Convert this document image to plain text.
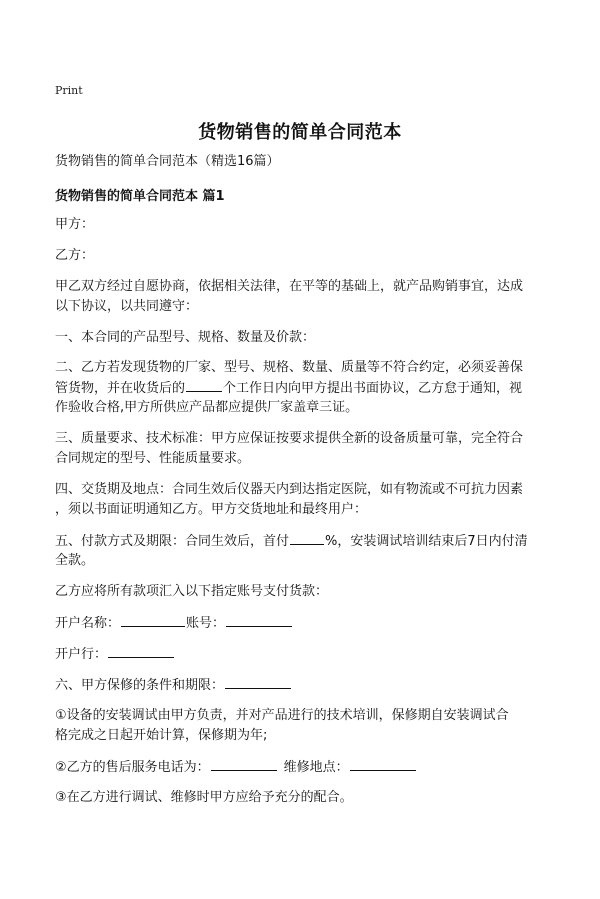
Print
货物销售的简单合同范本
货物销售的简单合同范本（精选16篇）
货物销售的简单合同范本 篇1
甲方：
乙方：
甲乙双方经过自愿协商，依据相关法律，在平等的基础上，就产品购销事宜，达成
以下协议，以共同遵守：
一、本合同的产品型号、规格、数量及价款：
二、乙方若发现货物的厂家、型号、规格、数量、质量等不符合约定，必须妥善保
管货物，并在收货后的	个工作日内向甲方提出书面协议，乙方怠于通知，视
作验收合格,甲方所供应产品都应提供厂家盖章三证。
三、质量要求、技术标准：甲方应保证按要求提供全新的设备质量可靠，完全符合
合同规定的型号、性能质量要求。
四、交货期及地点：合同生效后仪器天内到达指定医院，如有物流或不可抗力因素
，须以书面证明通知乙方。甲方交货地址和最终用户：
五、付款方式及期限：合同生效后，首付	%，安装调试培训结束后7日内付清
全款。
乙方应将所有款项汇入以下指定账号支付货款：
开户名称：	账号：
开户行：
六、甲方保修的条件和期限：
①设备的安装调试由甲方负责，并对产品进行的技术培训，保修期自安装调试合
格完成之日起开始计算，保修期为年;
②乙方的售后服务电话为：	维修地点：
③在乙方进行调试、维修时甲方应给予充分的配合。
